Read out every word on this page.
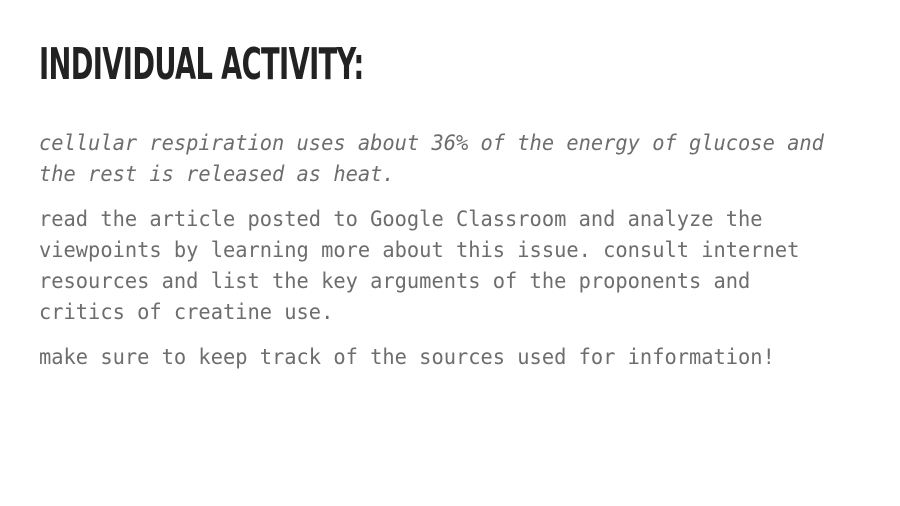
INDIVIDUAL ACTIVITY:

cellular respiration uses about 36% of the energy of glucose and the rest is released as heat.

read the article posted to Google Classroom and analyze the viewpoints by learning more about this issue. consult internet resources and list the key arguments of the proponents and critics of creatine use.

make sure to keep track of the sources used for information!
